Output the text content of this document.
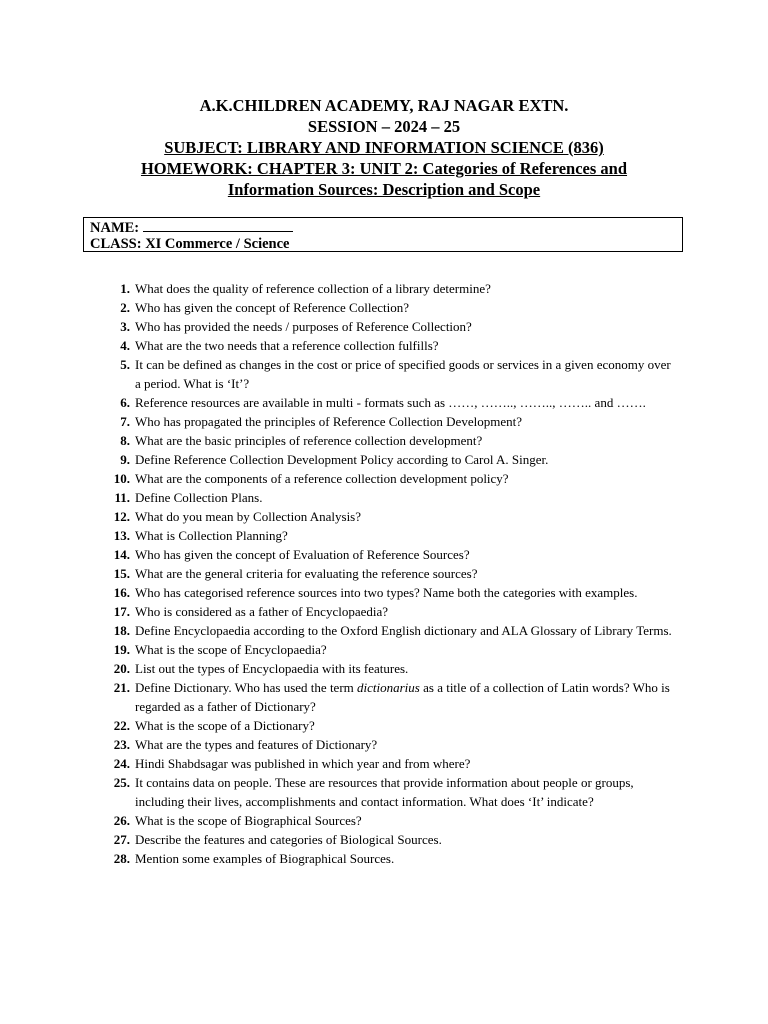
A.K.CHILDREN ACADEMY, RAJ NAGAR EXTN.
SESSION – 2024 – 25
SUBJECT: LIBRARY AND INFORMATION SCIENCE (836)
HOMEWORK: CHAPTER 3: UNIT 2: Categories of References and
Information Sources: Description and Scope
NAME:
CLASS: XI Commerce / Science
1. What does the quality of reference collection of a library determine?
2. Who has given the concept of Reference Collection?
3. Who has provided the needs / purposes of Reference Collection?
4. What are the two needs that a reference collection fulfills?
5. It can be defined as changes in the cost or price of specified goods or services in a given economy over a period. What is ‘It’?
6. Reference resources are available in multi - formats such as ……, …….., …….., …….. and …….
7. Who has propagated the principles of Reference Collection Development?
8. What are the basic principles of reference collection development?
9. Define Reference Collection Development Policy according to Carol A. Singer.
10. What are the components of a reference collection development policy?
11. Define Collection Plans.
12. What do you mean by Collection Analysis?
13. What is Collection Planning?
14. Who has given the concept of Evaluation of Reference Sources?
15. What are the general criteria for evaluating the reference sources?
16. Who has categorised reference sources into two types? Name both the categories with examples.
17. Who is considered as a father of Encyclopaedia?
18. Define Encyclopaedia according to the Oxford English dictionary and ALA Glossary of Library Terms.
19. What is the scope of Encyclopaedia?
20. List out the types of Encyclopaedia with its features.
21. Define Dictionary. Who has used the term dictionarius as a title of a collection of Latin words? Who is regarded as a father of Dictionary?
22. What is the scope of a Dictionary?
23. What are the types and features of Dictionary?
24. Hindi Shabdsagar was published in which year and from where?
25. It contains data on people. These are resources that provide information about people or groups, including their lives, accomplishments and contact information. What does ‘It’ indicate?
26. What is the scope of Biographical Sources?
27. Describe the features and categories of Biological Sources.
28. Mention some examples of Biographical Sources.
